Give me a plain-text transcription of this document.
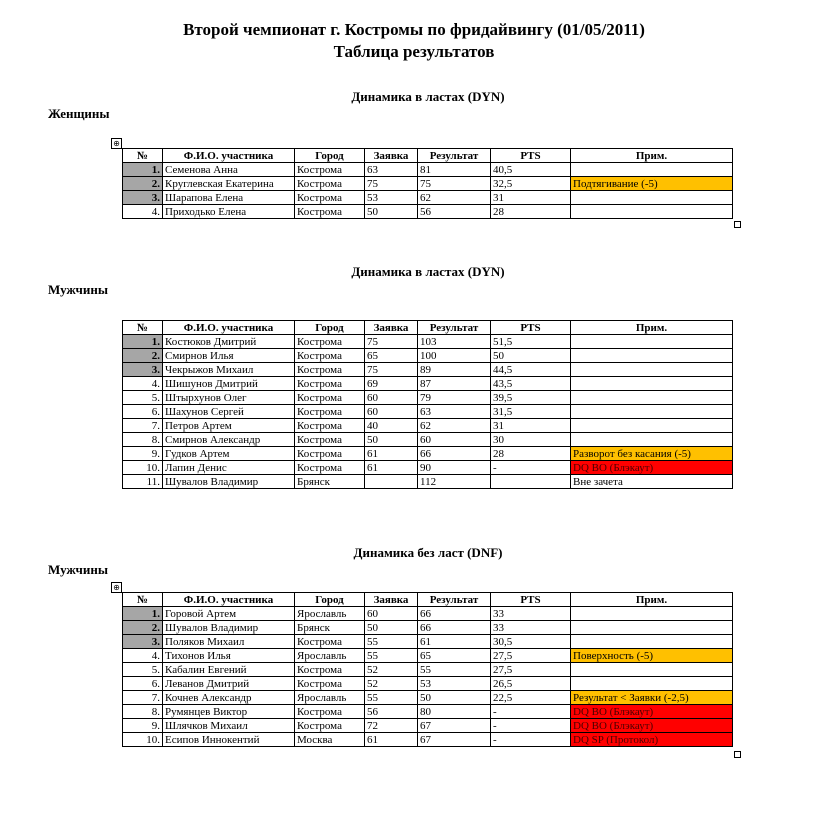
Второй чемпионат г. Костромы по фридайвингу (01/05/2011)
Таблица результатов
Динамика в ластах (DYN)
Женщины
⊕
№	Ф.И.О. участника	Город	Заявка	Результат	PTS	Прим.
1.	Семенова Анна	Кострома	63	81	40,5	
2.	Круглевская Екатерина	Кострома	75	75	32,5	Подтягивание (-5)
3.	Шарапова Елена	Кострома	53	62	31	
4.	Приходько Елена	Кострома	50	56	28	
Динамика в ластах (DYN)
Мужчины
№	Ф.И.О. участника	Город	Заявка	Результат	PTS	Прим.
1.	Костюков Дмитрий	Кострома	75	103	51,5	
2.	Смирнов Илья	Кострома	65	100	50	
3.	Чекрыжов Михаил	Кострома	75	89	44,5	
4.	Шишунов Дмитрий	Кострома	69	87	43,5	
5.	Штырхунов Олег	Кострома	60	79	39,5	
6.	Шахунов Сергей	Кострома	60	63	31,5	
7.	Петров Артем	Кострома	40	62	31	
8.	Смирнов Александр	Кострома	50	60	30	
9.	Гудков Артем	Кострома	61	66	28	Разворот без касания (-5)
10.	Лапин Денис	Кострома	61	90	-	DQ BO (Блэкаут)
11.	Шувалов Владимир	Брянск		112		Вне зачета
Динамика без ласт (DNF)
Мужчины
⊕
№	Ф.И.О. участника	Город	Заявка	Результат	PTS	Прим.
1.	Горовой Артем	Ярославль	60	66	33	
2.	Шувалов Владимир	Брянск	50	66	33	
3.	Поляков Михаил	Кострома	55	61	30,5	
4.	Тихонов Илья	Ярославль	55	65	27,5	Поверхность (-5)
5.	Кабалин Евгений	Кострома	52	55	27,5	
6.	Леванов Дмитрий	Кострома	52	53	26,5	
7.	Кочнев Александр	Ярославль	55	50	22,5	Результат < Заявки (-2,5)
8.	Румянцев Виктор	Кострома	56	80	-	DQ BO (Блэкаут)
9.	Шлячков Михаил	Кострома	72	67	-	DQ BO (Блэкаут)
10.	Есипов Иннокентий	Москва	61	67	-	DQ SP (Протокол)
